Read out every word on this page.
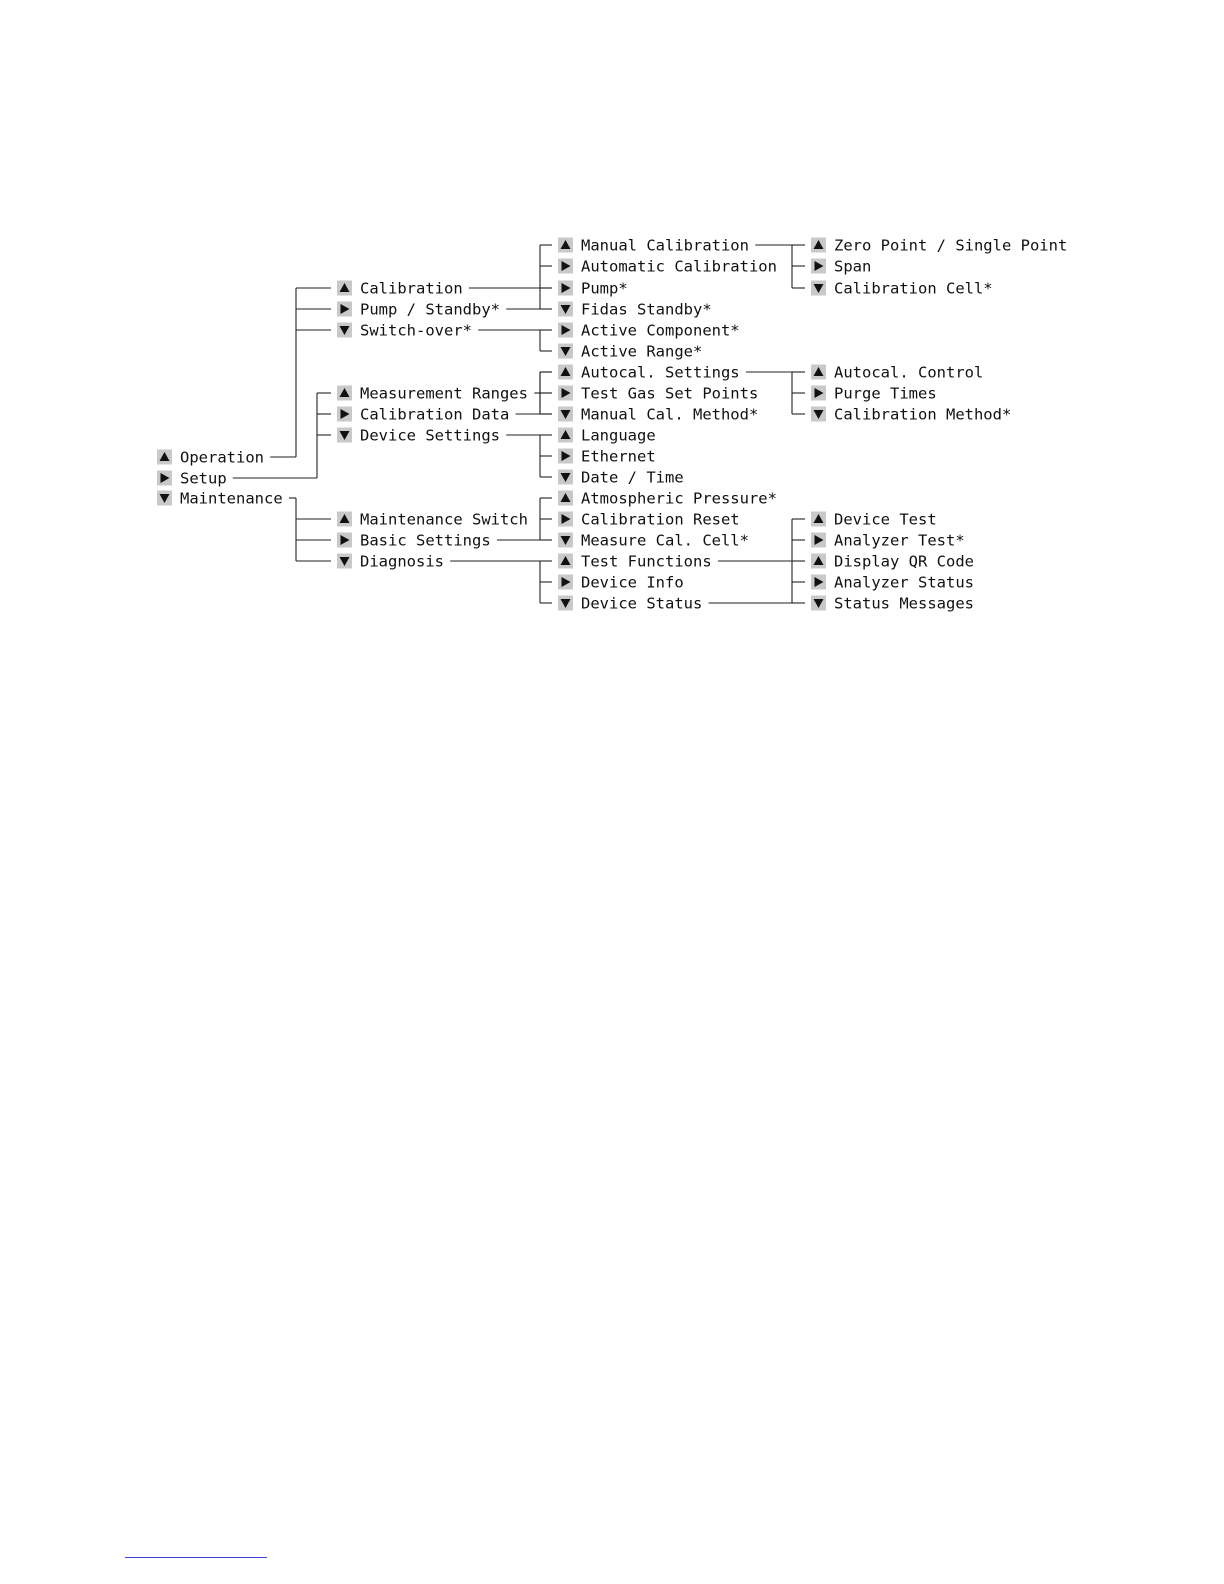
Operation
Setup
Maintenance
Calibration
Pump / Standby*
Switch-over*
Measurement Ranges
Calibration Data
Device Settings
Maintenance Switch
Basic Settings
Diagnosis
Manual Calibration
Automatic Calibration
Pump*
Fidas Standby*
Active Component*
Active Range*
Autocal. Settings
Test Gas Set Points
Manual Cal. Method*
Language
Ethernet
Date / Time
Atmospheric Pressure*
Calibration Reset
Measure Cal. Cell*
Test Functions
Device Info
Device Status
Zero Point / Single Point
Span
Calibration Cell*
Autocal. Control
Purge Times
Calibration Method*
Device Test
Analyzer Test*
Display QR Code
Analyzer Status
Status Messages
